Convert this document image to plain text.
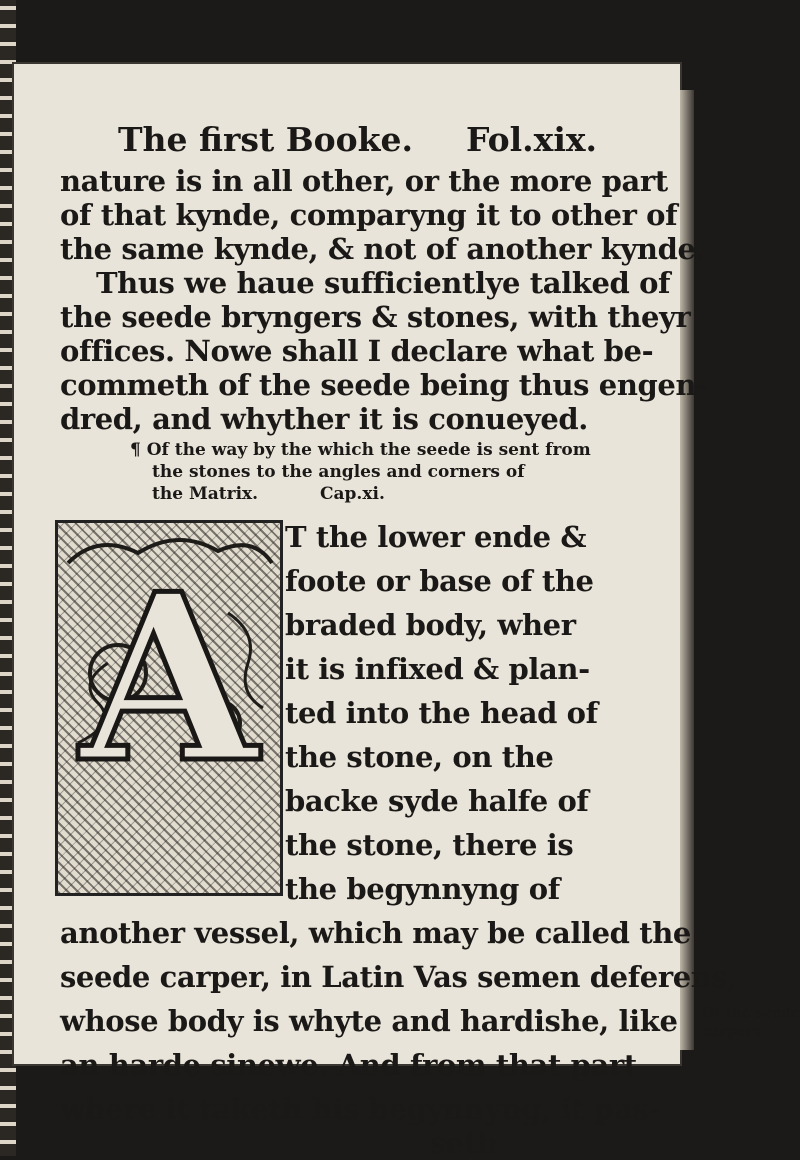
The first Booke. Fol.xix.
nature is in all other, or the more part
of that kynde, comparyng it to other of
the same kynde, & not of another kynde.
Thus we haue sufficientlye talked of
the seede bryngers & stones, with theyr
offices. Nowe shall I declare what be-
commeth of the seede being thus engen-
dred, and whyther it is conueyed.
¶ Of the way by the which the seede is sent from
the stones to the angles and corners of
the Matrix.	Cap.xi.
A
T the lower ende &
foote or base of the
braded body, wher
it is infixed & plan-
ted into the head of
the stone, on the
backe syde halfe of
the stone, there is
the begynnyng of
another vessel, which may be called the
seede carper, in Latin Vas semen deferens,
whose body is whyte and hardishe, like
an harde sinewe. And from that part
seth
Of the seede
carpers.
where it taketh his begynnyng, it pas-
